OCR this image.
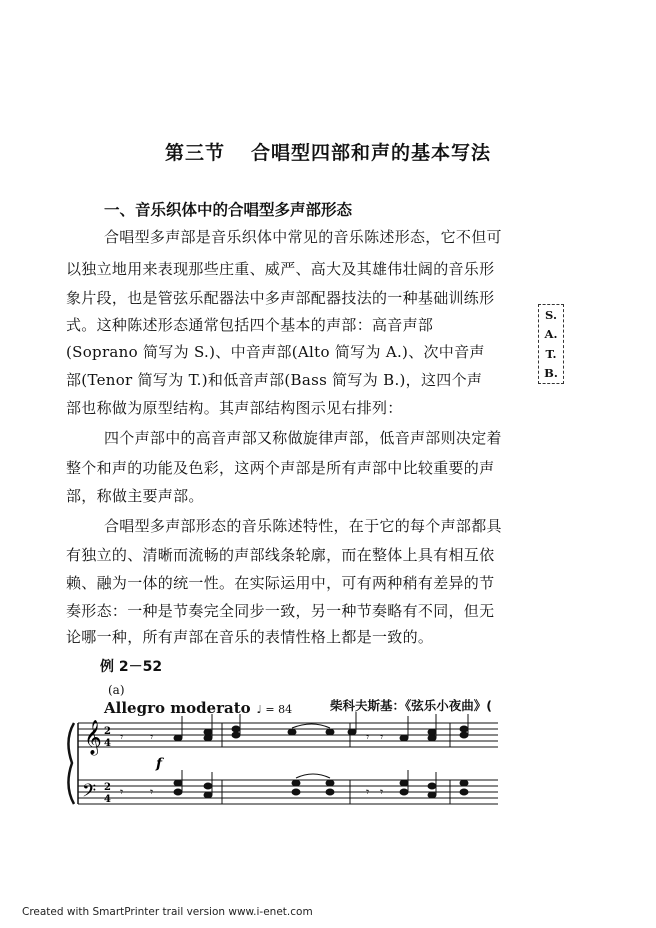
第三节 合唱型四部和声的基本写法
一、音乐织体中的合唱型多声部形态
合唱型多声部是音乐织体中常见的音乐陈述形态，它不但可
以独立地用来表现那些庄重、威严、高大及其雄伟壮阔的音乐形
象片段，也是管弦乐配器法中多声部配器技法的一种基础训练形
式。这种陈述形态通常包括四个基本的声部：高音声部
(Soprano 简写为 S.)、中音声部(Alto 简写为 A.)、次中音声
部(Tenor 简写为 T.)和低音声部(Bass 简写为 B.)，这四个声
部也称做为原型结构。其声部结构图示见右排列：
四个声部中的高音声部又称做旋律声部，低音声部则决定着
整个和声的功能及色彩，这两个声部是所有声部中比较重要的声
部，称做主要声部。
合唱型多声部形态的音乐陈述特性，在于它的每个声部都具
有独立的、清晰而流畅的声部线条轮廓，而在整体上具有相互依
赖、融为一体的统一性。在实际运用中，可有两种稍有差异的节
奏形态：一种是节奏完全同步一致，另一种节奏略有不同，但无
论哪一种，所有声部在音乐的表情性格上都是一致的。
S.
A.
T.
B.
例 2－52
(a)
Allegro moderato ♩ = 84	柴科夫斯基：《弦乐小夜曲》(
𝄞
𝄢
2
4
2
4
𝄾 𝄾
𝄾 𝄾
𝄾 𝄾
𝄾 𝄾
f
Created with SmartPrinter trail version www.i-enet.com
